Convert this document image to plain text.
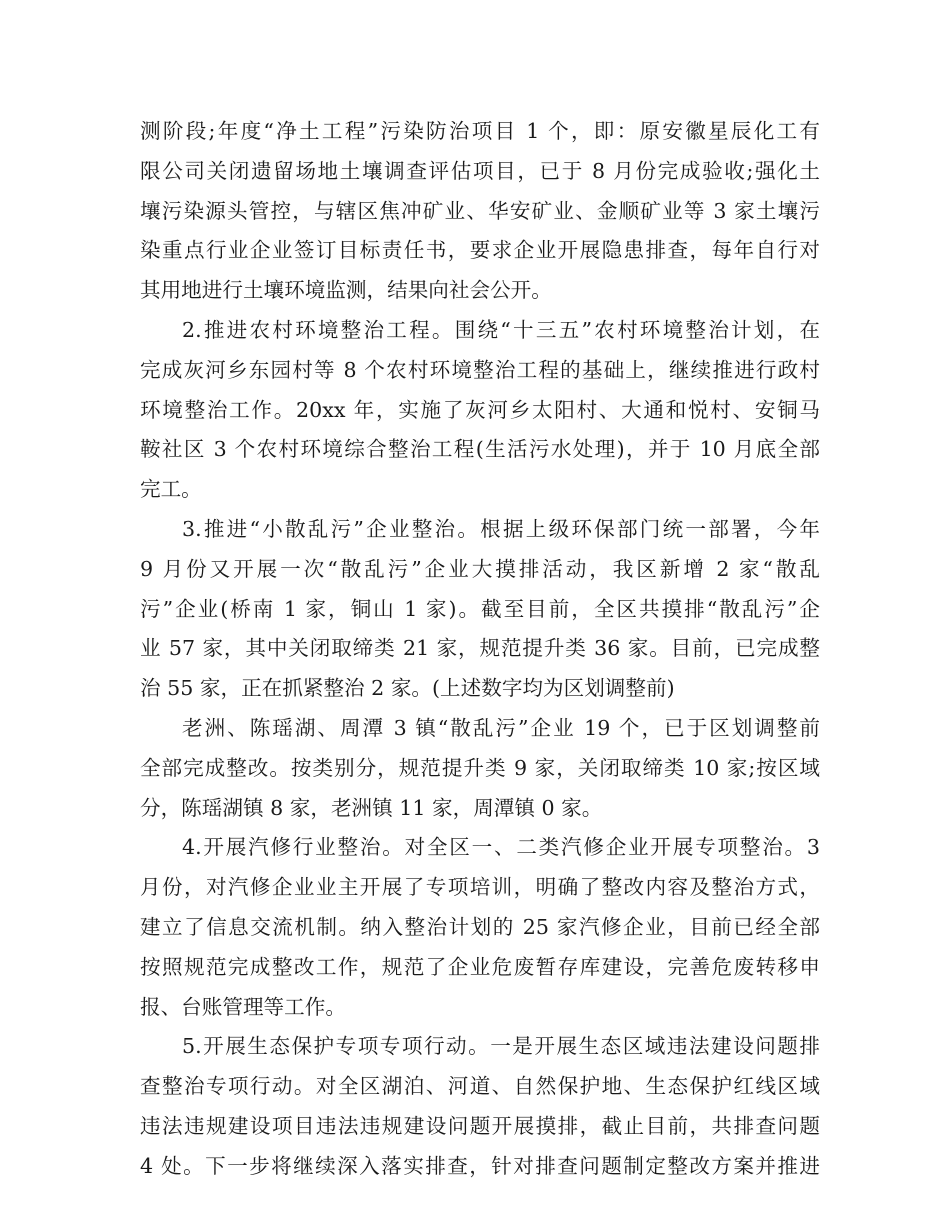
测阶段;年度“净土工程”污染防治项目 1 个，即：原安徽星辰化工有
限公司关闭遗留场地土壤调查评估项目，已于 8 月份完成验收;强化土
壤污染源头管控，与辖区焦冲矿业、华安矿业、金顺矿业等 3 家土壤污
染重点行业企业签订目标责任书，要求企业开展隐患排查，每年自行对
其用地进行土壤环境监测，结果向社会公开。
2.推进农村环境整治工程。围绕“十三五”农村环境整治计划，在
完成灰河乡东园村等 8 个农村环境整治工程的基础上，继续推进行政村
环境整治工作。20xx 年，实施了灰河乡太阳村、大通和悦村、安铜马
鞍社区 3 个农村环境综合整治工程(生活污水处理)，并于 10 月底全部
完工。
3.推进“小散乱污”企业整治。根据上级环保部门统一部署，今年
9 月份又开展一次“散乱污”企业大摸排活动，我区新增 2 家“散乱
污”企业(桥南 1 家，铜山 1 家)。截至目前，全区共摸排“散乱污”企
业 57 家，其中关闭取缔类 21 家，规范提升类 36 家。目前，已完成整
治 55 家，正在抓紧整治 2 家。(上述数字均为区划调整前)
老洲、陈瑶湖、周潭 3 镇“散乱污”企业 19 个，已于区划调整前
全部完成整改。按类别分，规范提升类 9 家，关闭取缔类 10 家;按区域
分，陈瑶湖镇 8 家，老洲镇 11 家，周潭镇 0 家。
4.开展汽修行业整治。对全区一、二类汽修企业开展专项整治。3
月份，对汽修企业业主开展了专项培训，明确了整改内容及整治方式，
建立了信息交流机制。纳入整治计划的 25 家汽修企业，目前已经全部
按照规范完成整改工作，规范了企业危废暂存库建设，完善危废转移申
报、台账管理等工作。
5.开展生态保护专项专项行动。一是开展生态区域违法建设问题排
查整治专项行动。对全区湖泊、河道、自然保护地、生态保护红线区域
违法违规建设项目违法违规建设问题开展摸排，截止目前，共排查问题
4 处。下一步将继续深入落实排查，针对排查问题制定整改方案并推进
